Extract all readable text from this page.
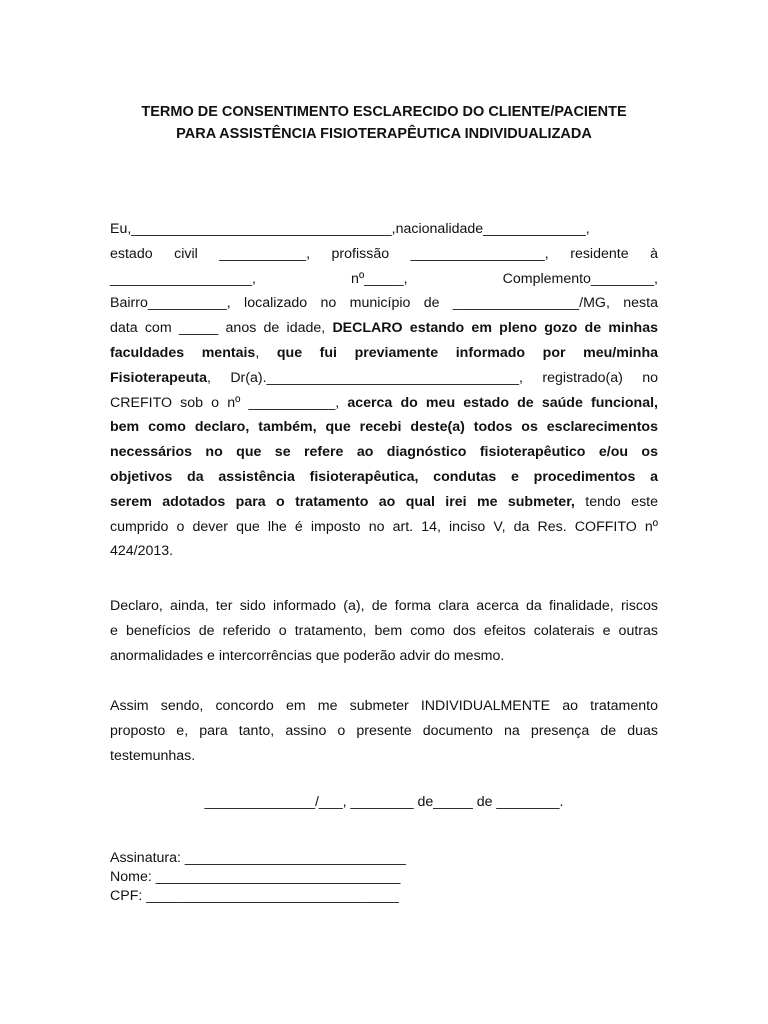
TERMO DE CONSENTIMENTO ESCLARECIDO DO CLIENTE/PACIENTE
PARA ASSISTÊNCIA FISIOTERAPÊUTICA INDIVIDUALIZADA
Eu,_________________________________,nacionalidade_____________,
estado civil ___________, profissão _________________, residente à
__________________, nº_____, Complemento________,
Bairro__________, localizado no município de ________________/MG, nesta
data com _____ anos de idade, DECLARO estando em pleno gozo de minhas
faculdades mentais, que fui previamente informado por meu/minha
Fisioterapeuta, Dr(a).________________________________, registrado(a) no
CREFITO sob o nº ___________, acerca do meu estado de saúde funcional,
bem como declaro, também, que recebi deste(a) todos os esclarecimentos
necessários no que se refere ao diagnóstico fisioterapêutico e/ou os
objetivos da assistência fisioterapêutica, condutas e procedimentos a
serem adotados para o tratamento ao qual irei me submeter, tendo este
cumprido o dever que lhe é imposto no art. 14, inciso V, da Res. COFFITO nº
424/2013.
Declaro, ainda, ter sido informado (a), de forma clara acerca da finalidade, riscos
e benefícios de referido o tratamento, bem como dos efeitos colaterais e outras
anormalidades e intercorrências que poderão advir do mesmo.
Assim sendo, concordo em me submeter INDIVIDUALMENTE ao tratamento
proposto e, para tanto, assino o presente documento na presença de duas
testemunhas.
______________/___, ________ de_____ de ________.
Assinatura: ____________________________
Nome: _______________________________
CPF: ________________________________
